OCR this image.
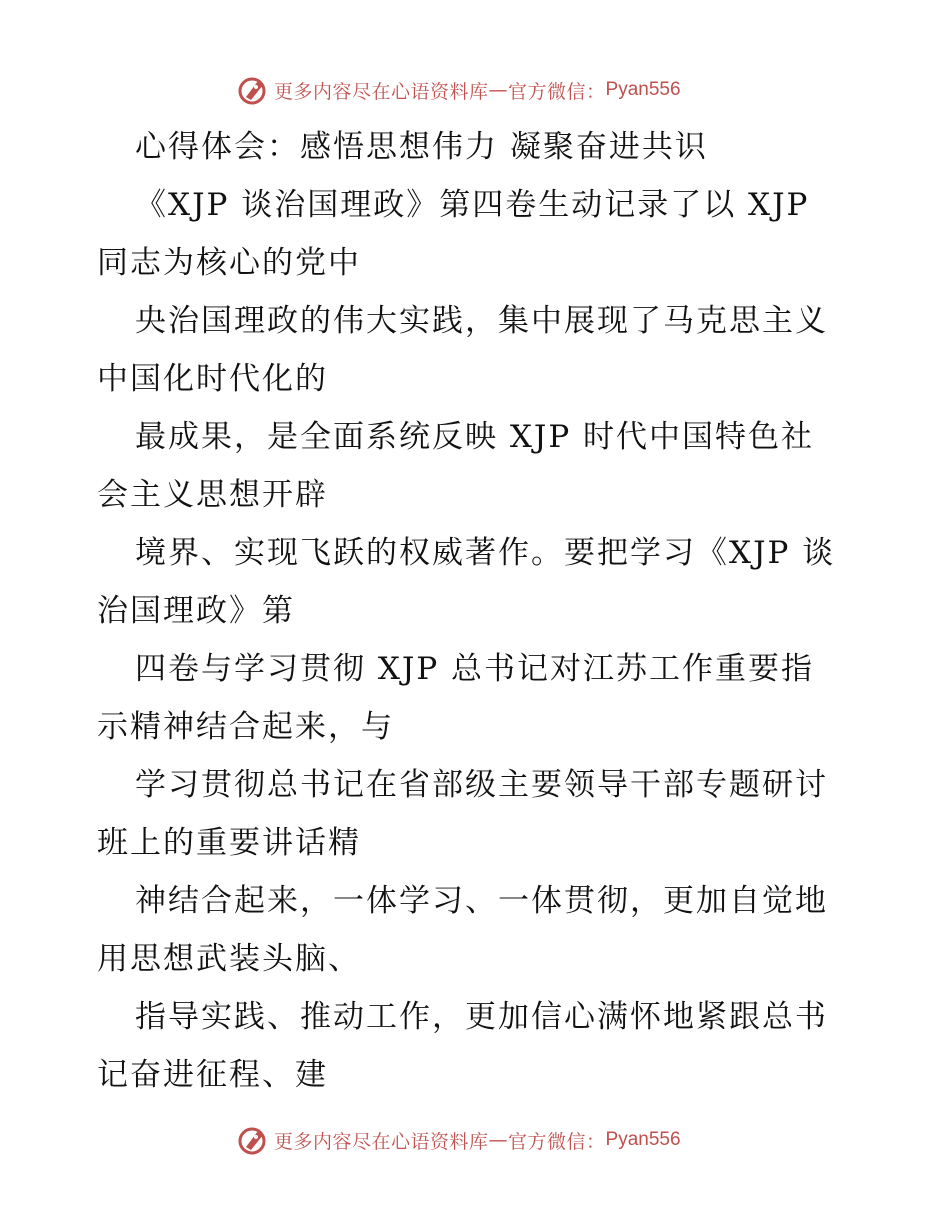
更多内容尽在心语资料库 — 官方微信： Pyan556
心得体会：感悟思想伟力 凝聚奋进共识
《XJP 谈治国理政》第四卷生动记录了以 XJP
同志为核心的党中
央治国理政的伟大实践，集中展现了马克思主义
中国化时代化的
最成果，是全面系统反映 XJP 时代中国特色社
会主义思想开辟
境界、实现飞跃的权威著作。要把学习《XJP 谈
治国理政》第
四卷与学习贯彻 XJP 总书记对江苏工作重要指
示精神结合起来，与
学习贯彻总书记在省部级主要领导干部专题研讨
班上的重要讲话精
神结合起来，一体学习、一体贯彻，更加自觉地
用思想武装头脑、
指导实践、推动工作，更加信心满怀地紧跟总书
记奋进征程、建
更多内容尽在心语资料库 — 官方微信： Pyan556
